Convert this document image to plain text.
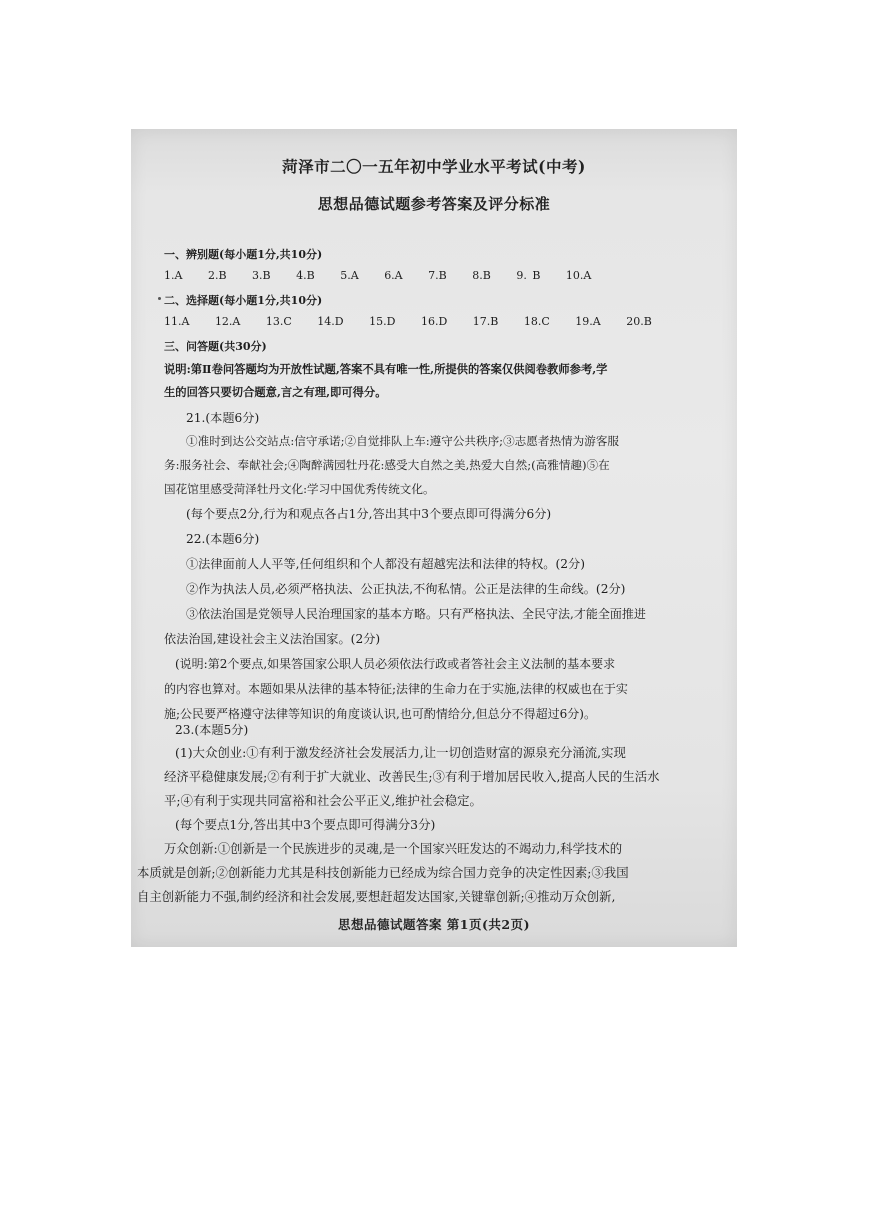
菏泽市二〇一五年初中学业水平考试(中考)
思想品德试题参考答案及评分标准
一、辨别题(每小题1分,共10分)
1.A 2.B 3.B 4.B 5.A 6.A 7.B 8.B 9. B 10.A
二、选择题(每小题1分,共10分)
11.A 12.A 13.C 14.D 15.D 16.D 17.B 18.C 19.A 20.B
三、问答题(共30分)
说明:第Ⅱ卷问答题均为开放性试题,答案不具有唯一性,所提供的答案仅供阅卷教师参考,学
生的回答只要切合题意,言之有理,即可得分。
21.(本题6分)
①准时到达公交站点:信守承诺;②自觉排队上车:遵守公共秩序;③志愿者热情为游客服
务:服务社会、奉献社会;④陶醉满园牡丹花:感受大自然之美,热爱大自然;(高雅情趣)⑤在
国花馆里感受菏泽牡丹文化:学习中国优秀传统文化。
(每个要点2分,行为和观点各占1分,答出其中3个要点即可得满分6分)
22.(本题6分)
①法律面前人人平等,任何组织和个人都没有超越宪法和法律的特权。(2分)
②作为执法人员,必须严格执法、公正执法,不徇私情。公正是法律的生命线。(2分)
③依法治国是党领导人民治理国家的基本方略。只有严格执法、全民守法,才能全面推进
依法治国,建设社会主义法治国家。(2分)
(说明:第2个要点,如果答国家公职人员必须依法行政或者答社会主义法制的基本要求
的内容也算对。本题如果从法律的基本特征;法律的生命力在于实施,法律的权威也在于实
施;公民要严格遵守法律等知识的角度谈认识,也可酌情给分,但总分不得超过6分)。
23.(本题5分)
(1)大众创业:①有利于激发经济社会发展活力,让一切创造财富的源泉充分涌流,实现
经济平稳健康发展;②有利于扩大就业、改善民生;③有利于增加居民收入,提高人民的生活水
平;④有利于实现共同富裕和社会公平正义,维护社会稳定。
(每个要点1分,答出其中3个要点即可得满分3分)
万众创新:①创新是一个民族进步的灵魂,是一个国家兴旺发达的不竭动力,科学技术的
本质就是创新;②创新能力尤其是科技创新能力已经成为综合国力竞争的决定性因素;③我国
思想品德试题答案 第1页(共2页)
自主创新能力不强,制约经济和社会发展,要想赶超发达国家,关键靠创新;④推动万众创新,
